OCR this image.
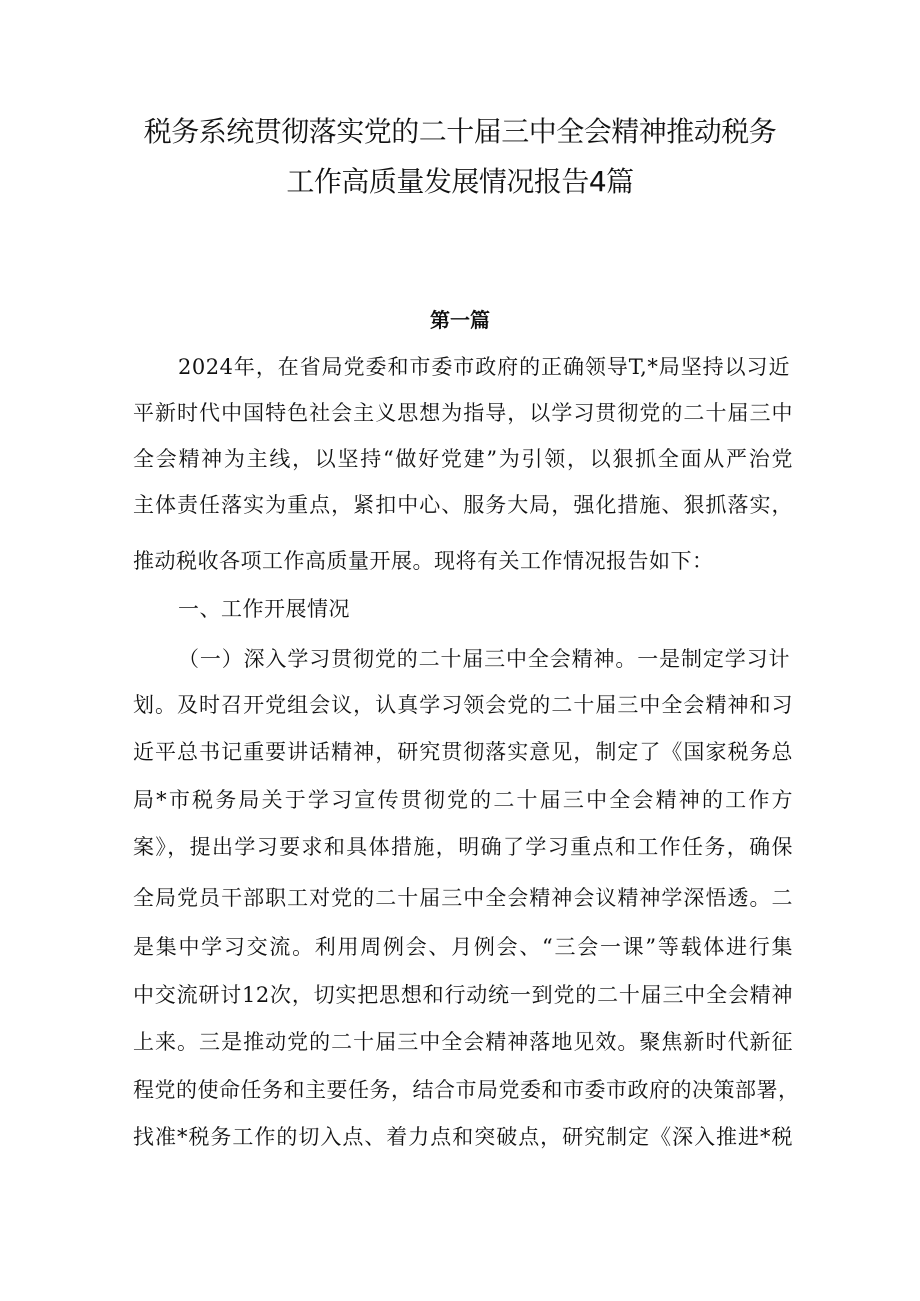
税务系统贯彻落实党的二十届三中全会精神推动税务
工作高质量发展情况报告4篇
第一篇
2024年，在省局党委和市委市政府的正确领导T,*局坚持以习近
平新时代中国特色社会主义思想为指导，以学习贯彻党的二十届三中
全会精神为主线，以坚持“做好党建”为引领，以狠抓全面从严治党
主体责任落实为重点，紧扣中心、服务大局，强化措施、狠抓落实，
推动税收各项工作高质量开展。现将有关工作情况报告如下：
一、工作开展情况
（一）深入学习贯彻党的二十届三中全会精神。一是制定学习计
划。及时召开党组会议，认真学习领会党的二十届三中全会精神和习
近平总书记重要讲话精神，研究贯彻落实意见，制定了《国家税务总
局*市税务局关于学习宣传贯彻党的二十届三中全会精神的工作方
案》，提出学习要求和具体措施，明确了学习重点和工作任务，确保
全局党员干部职工对党的二十届三中全会精神会议精神学深悟透。二
是集中学习交流。利用周例会、月例会、“三会一课”等载体进行集
中交流研讨12次，切实把思想和行动统一到党的二十届三中全会精神
上来。三是推动党的二十届三中全会精神落地见效。聚焦新时代新征
程党的使命任务和主要任务，结合市局党委和市委市政府的决策部署，
找准*税务工作的切入点、着力点和突破点，研究制定《深入推进*税
